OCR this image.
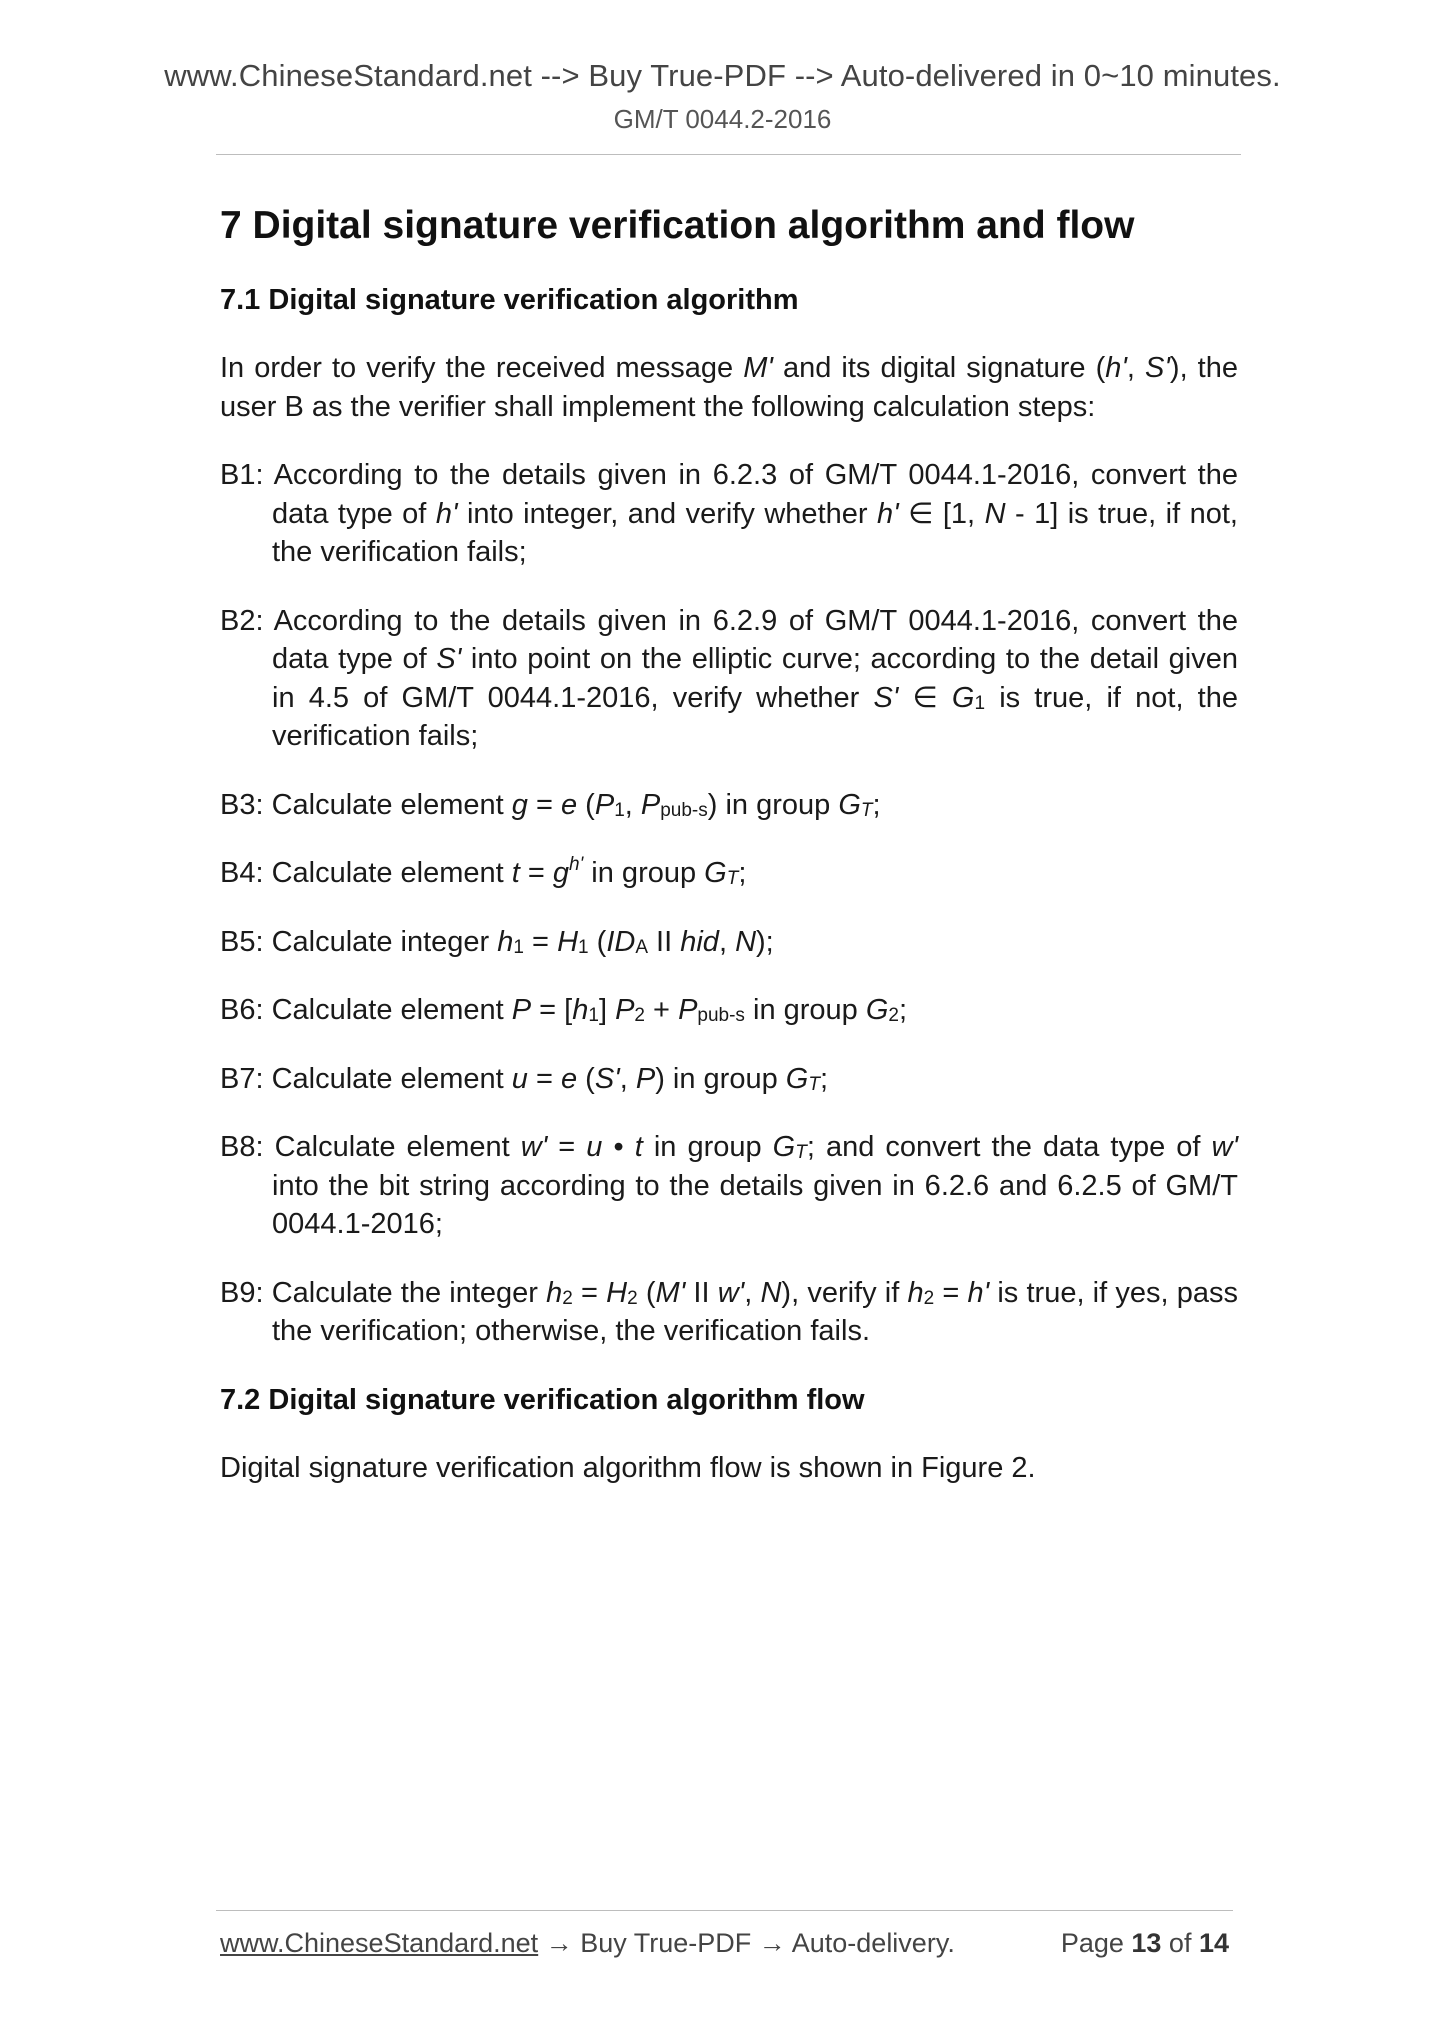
www.ChineseStandard.net --> Buy True-PDF --> Auto-delivered in 0~10 minutes.
GM/T 0044.2-2016
7 Digital signature verification algorithm and flow
7.1 Digital signature verification algorithm

In order to verify the received message M' and its digital signature (h', S'), the user B as the verifier shall implement the following calculation steps:

B1: According to the details given in 6.2.3 of GM/T 0044.1-2016, convert the data type of h' into integer, and verify whether h' ∈ [1, N - 1] is true, if not, the verification fails;
B2: According to the details given in 6.2.9 of GM/T 0044.1-2016, convert the data type of S' into point on the elliptic curve; according to the detail given in 4.5 of GM/T 0044.1-2016, verify whether S' ∈ $G_1$ is true, if not, the verification fails;
B3: Calculate element g = e ($P_1$, $P_{pub-s}$) in group $G_T$;
B4: Calculate element $t = g^{h'}$ in group $G_T$;
B5: Calculate integer $h_1 = H_1$ ($ID_A$ II hid, N);
B6: Calculate element $P = [h_1] P_2 + P_{pub-s}$ in group $G_2$;
B7: Calculate element u = e (S', P) in group $G_T$;
B8: Calculate element w' = u • t in group $G_T$; and convert the data type of w' into the bit string according to the details given in 6.2.6 and 6.2.5 of GM/T 0044.1-2016;
B9: Calculate the integer $h_2 = H_2$ (M' II w', N), verify if $h_2 = h'$ is true, if yes, pass the verification; otherwise, the verification fails.
7.2 Digital signature verification algorithm flow

Digital signature verification algorithm flow is shown in Figure 2.

www.ChineseStandard.net → Buy True-PDF → Auto-delivery.	Page 13 of 14
